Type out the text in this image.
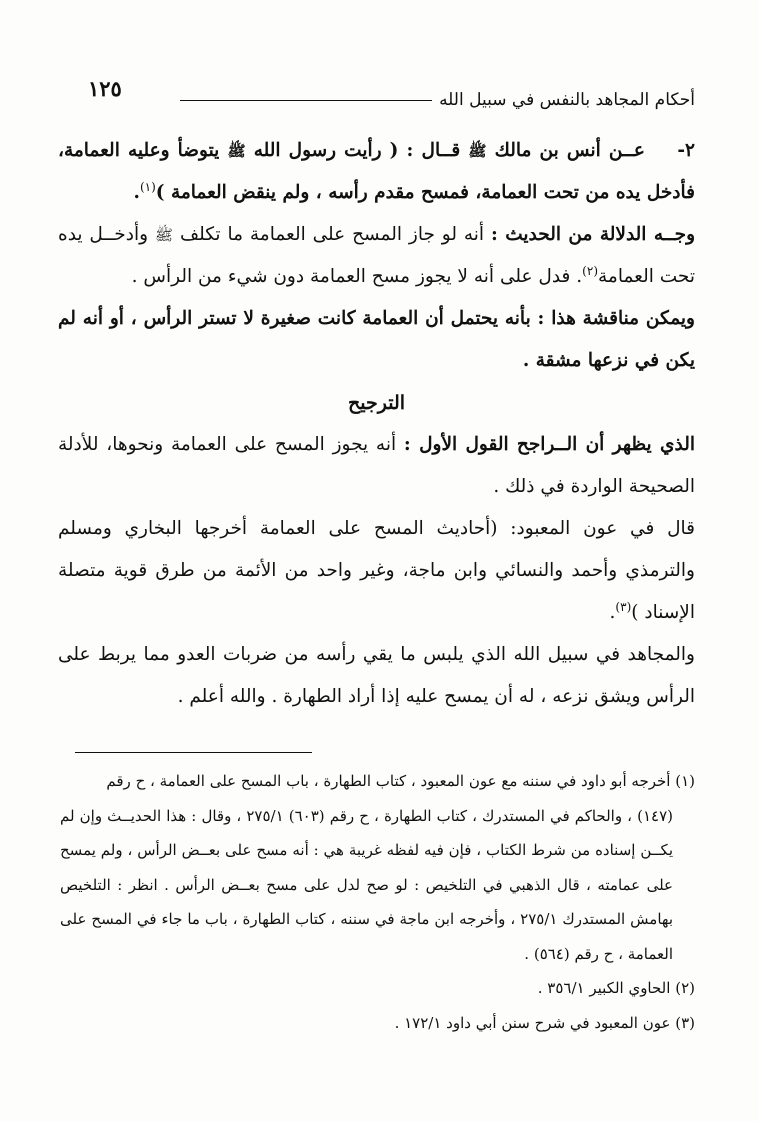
أحكام المجاهد بالنفس في سبيل الله
١٢٥

٢-    عــن أنس بن مالك ﷺ قــال : ( رأيت رسول الله ﷺ يتوضأ وعليه العمامة، فأدخل يده من تحت العمامة، فمسح مقدم رأسه ، ولم ينقض العمامة )$^{(١)}$.

وجــه الدلالة من الحديث : أنه لو جاز المسح على العمامة ما تكلف ﷺ وأدخــل يده تحت العمامة$^{(٢)}$. فدل على أنه لا يجوز مسح العمامة دون شيء من الرأس .

ويمكن مناقشة هذا : بأنه يحتمل أن العمامة كانت صغيرة لا تستر الرأس ، أو أنه لم يكن في نزعها مشقة .

الترجيح

الذي يظهر أن الــراجح القول الأول : أنه يجوز المسح على العمامة ونحوها، للأدلة الصحيحة الواردة في ذلك .

قال في عون المعبود: (أحاديث المسح على العمامة أخرجها البخاري ومسلم والترمذي وأحمد والنسائي وابن ماجة، وغير واحد من الأئمة من طرق قوية متصلة الإسناد )$^{(٣)}$.

والمجاهد في سبيل الله الذي يلبس ما يقي رأسه من ضربات العدو مما يربط على الرأس ويشق نزعه ، له أن يمسح عليه إذا أراد الطهارة . والله أعلم .

(١) أخرجه أبو داود في سننه مع عون المعبود ، كتاب الطهارة ، باب المسح على العمامة ، ح رقم

(١٤٧) ، والحاكم في المستدرك ، كتاب الطهارة ، ح رقم (٦٠٣) ٢٧٥/١ ، وقال : هذا الحديــث وإن لم يكــن إسناده من شرط الكتاب ، فإن فيه لفظه غريبة هي : أنه مسح على بعــض الرأس ، ولم يمسح على عمامته ، قال الذهبي في التلخيص : لو صح لدل على مسح بعــض الرأس . انظر : التلخيص بهامش المستدرك ٢٧٥/١ ، وأخرجه ابن ماجة في سننه ، كتاب الطهارة ، باب ما جاء في المسح على العمامة ، ح رقم (٥٦٤) .

(٢) الحاوي الكبير ٣٥٦/١ .

(٣) عون المعبود في شرح سنن أبي داود ١٧٢/١ .
